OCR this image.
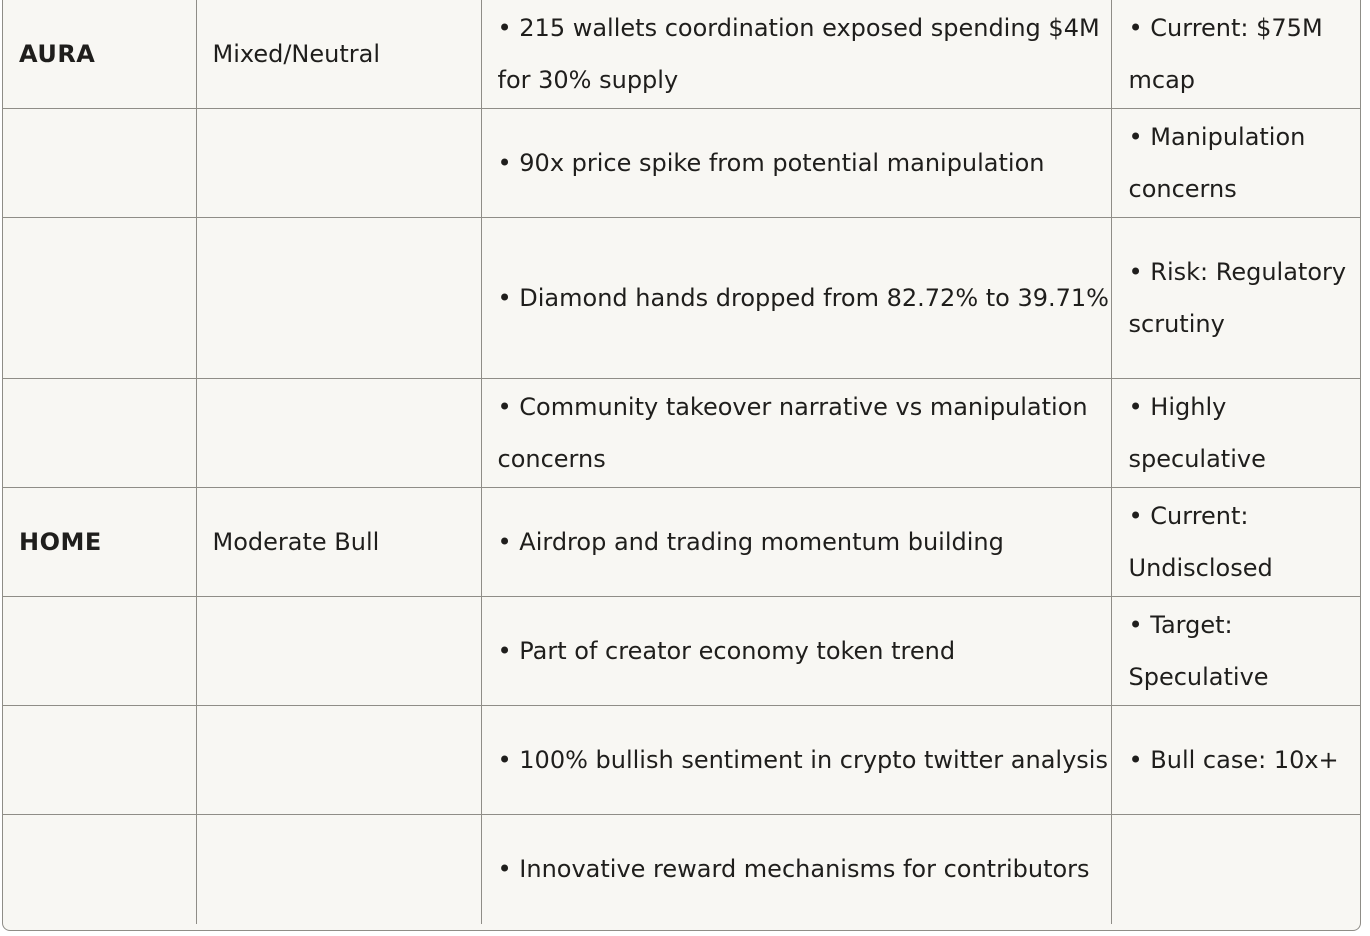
AURA	Mixed/Neutral	• 215 wallets coordination exposed spending $4M for 30% supply	• Current: $75M mcap
		• 90x price spike from potential manipulation	• Manipulation concerns
		• Diamond hands dropped from 82.72% to 39.71%	• Risk: Regulatory scrutiny
		• Community takeover narrative vs manipulation concerns	• Highly speculative
HOME	Moderate Bull	• Airdrop and trading momentum building	• Current: Undisclosed
		• Part of creator economy token trend	• Target: Speculative
		• 100% bullish sentiment in crypto twitter analysis	• Bull case: 10x+
		• Innovative reward mechanisms for contributors	
